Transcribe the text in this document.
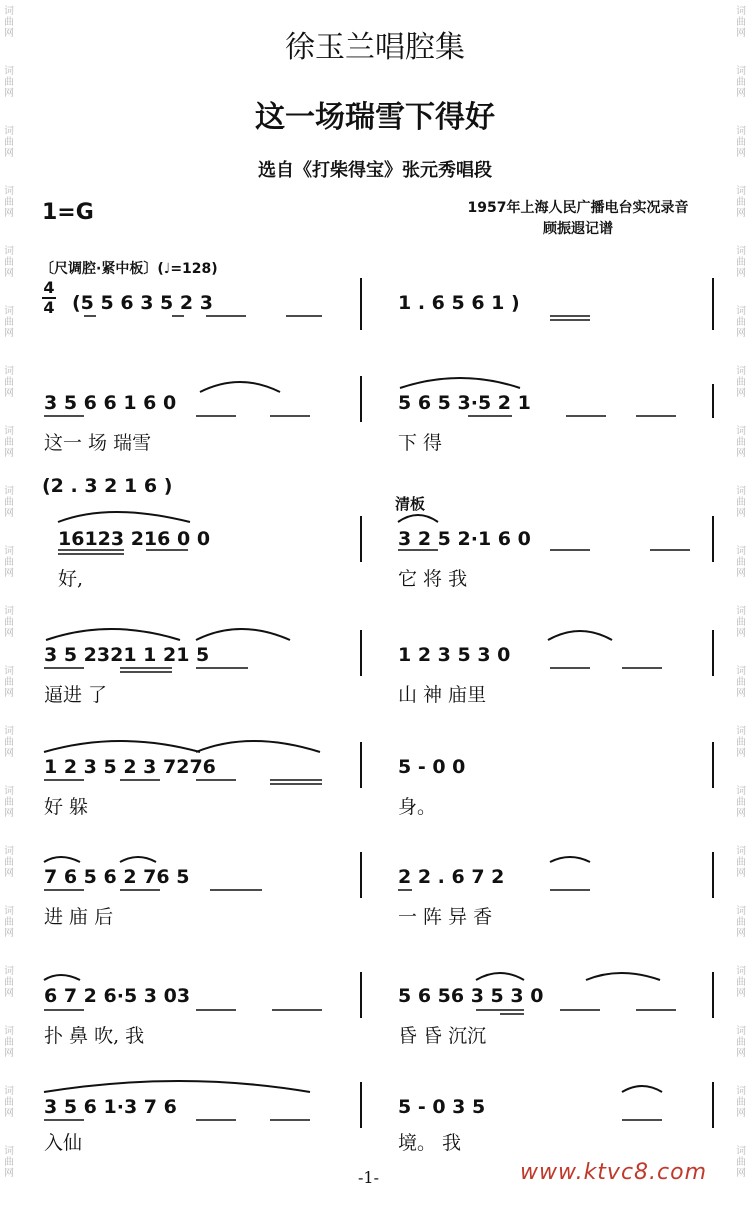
词
曲
网
词
曲
网
词
曲
网
词
曲
网
词
曲
网
词
曲
网
词
曲
网
词
曲
网
词
曲
网
词
曲
网
词
曲
网
词
曲
网
词
曲
网
词
曲
网
词
曲
网
词
曲
网
词
曲
网
词
曲
网
词
曲
网
词
曲
网
词
曲
网
词
曲
网
词
曲
网
词
曲
网
词
曲
网
词
曲
网
词
曲
网
词
曲
网
词
曲
网
词
曲
网
词
曲
网
词
曲
网
词
曲
网
词
曲
网
词
曲
网
词
曲
网
词
曲
网
词
曲
网
词
曲
网
词
曲
网
徐玉兰唱腔集
这一场瑞雪下得好
选自《打柴得宝》张元秀唱段
1=G	1957年上海人民广播电台实况录音
顾振遐记谱
〔尺调腔·紧中板〕(♩=128)
4
4
清板
(5 5 6 3 5 2 3	1 . 6 5 6 1 )
3 5 6 6 1 6 0	5 6 5 3·5 2 1
这一 场 瑞雪	下 得
(2 . 3 2 1 6 )
16123 216 0 0	3 2 5 2·1 6 0
好,	它 将 我
3 5 2321 1 21 5	1 2 3 5 3 0
逼进 了	山 神 庙里
1 2 3 5 2 3 7276	5 - 0 0
好 躲	身。
7 6 5 6 2 76 5	2 2 . 6 7 2
进 庙 后	一 阵 异 香
6 7 2 6·5 3 03	5 6 56 3 5 3 0
扑 鼻 吹, 我	昏 昏 沉沉
3 5 6 1·3 7 6	5 - 0 3 5
入仙	境。 我
-1-	www.ktvc8.com
